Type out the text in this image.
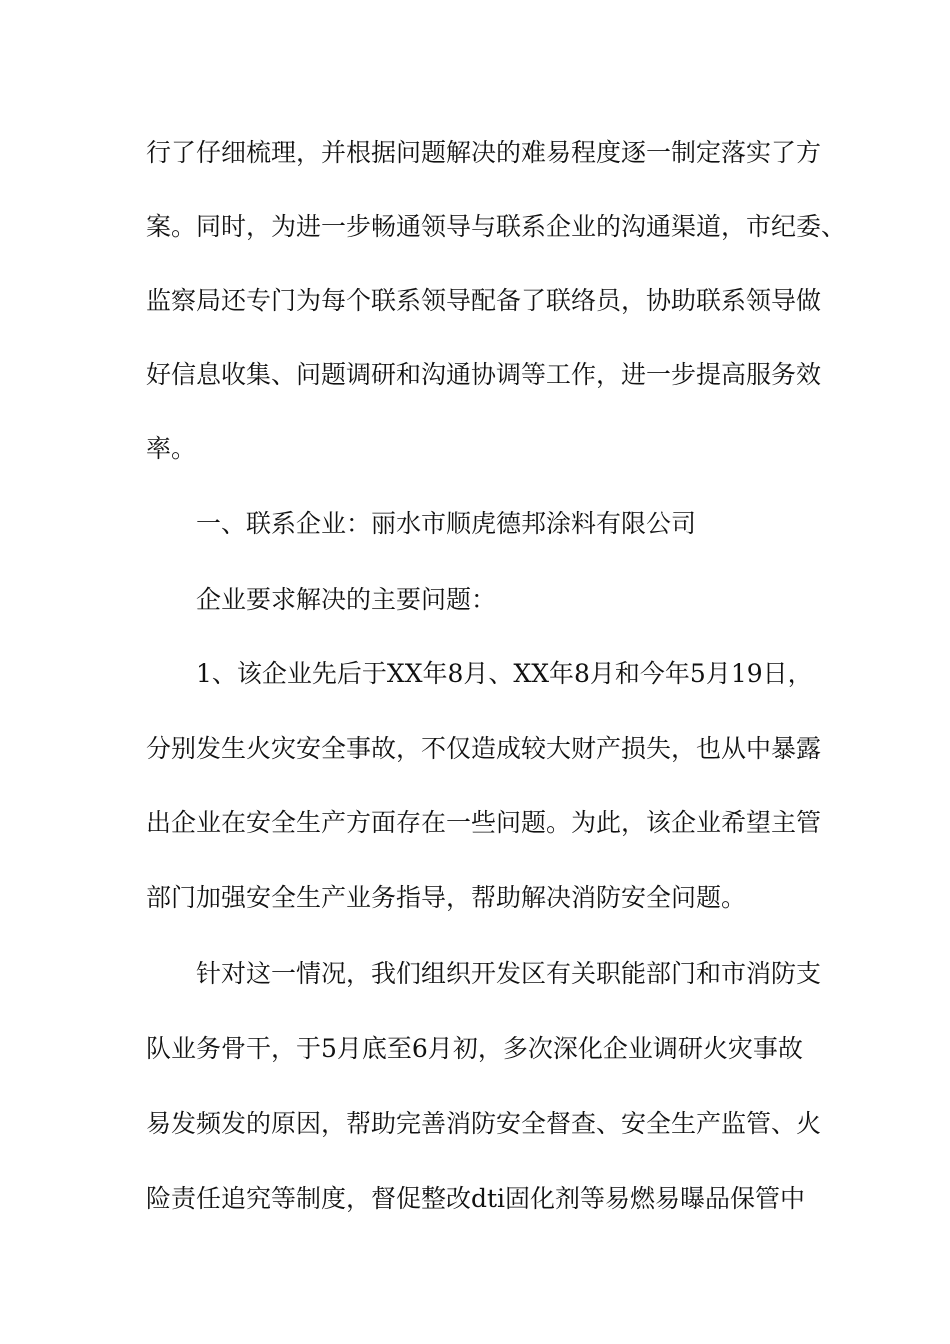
行了仔细梳理，并根据问题解决的难易程度逐一制定落实了方
案。同时，为进一步畅通领导与联系企业的沟通渠道，市纪委、
监察局还专门为每个联系领导配备了联络员，协助联系领导做
好信息收集、问题调研和沟通协调等工作，进一步提高服务效
率。
一、联系企业：丽水市顺虎德邦涂料有限公司
企业要求解决的主要问题：
1、该企业先后于XX年8月、XX年8月和今年5月19日，
分别发生火灾安全事故，不仅造成较大财产损失，也从中暴露
出企业在安全生产方面存在一些问题。为此，该企业希望主管
部门加强安全生产业务指导，帮助解决消防安全问题。
针对这一情况，我们组织开发区有关职能部门和市消防支
队业务骨干，于5月底至6月初，多次深化企业调研火灾事故
易发频发的原因，帮助完善消防安全督查、安全生产监管、火
险责任追究等制度，督促整改dti固化剂等易燃易曝品保管中
